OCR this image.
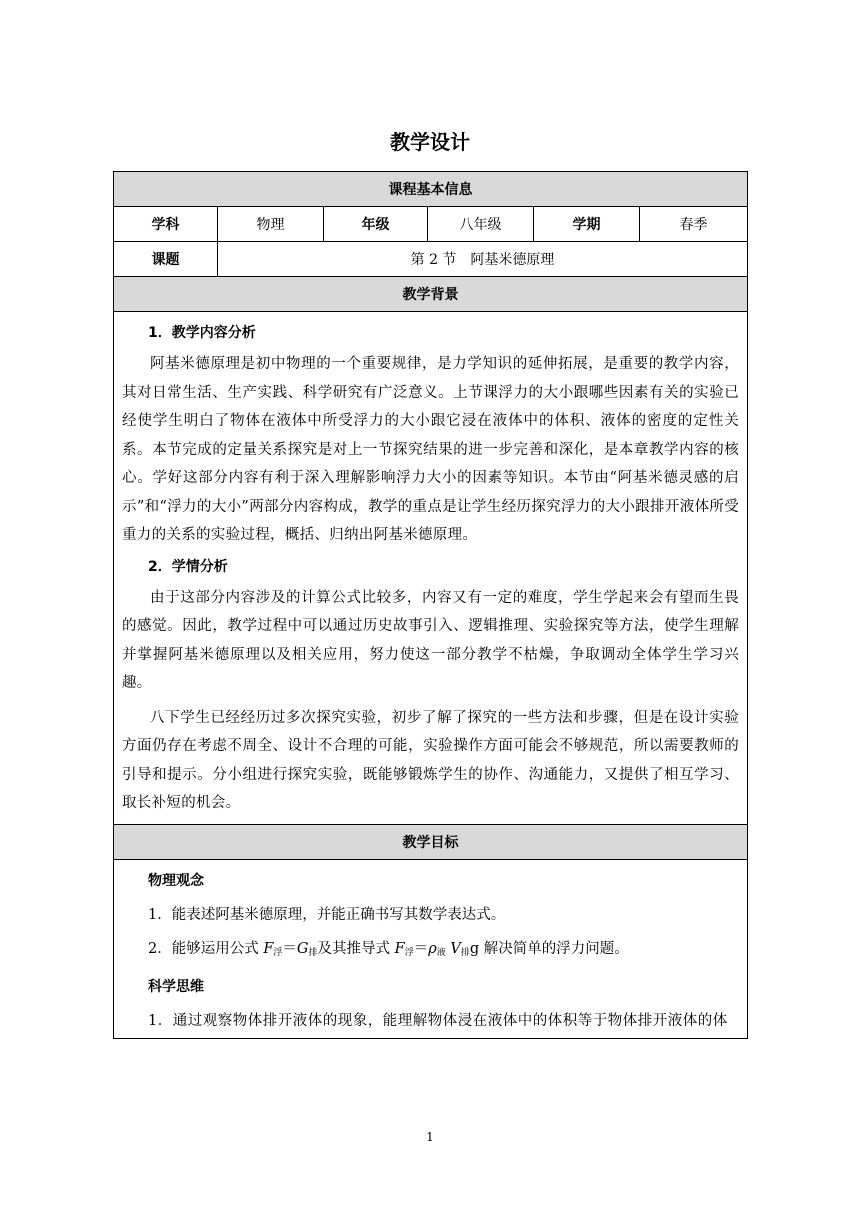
教学设计
课程基本信息					
学科	物理	年级	八年级	学期	春季
课题	第 2 节　阿基米德原理				
教学背景					

1．教学内容分析

阿基米德原理是初中物理的一个重要规律，是力学知识的延伸拓展，是重要的教学内容，其对日常生活、生产实践、科学研究有广泛意义。上节课浮力的大小跟哪些因素有关的实验已经使学生明白了物体在液体中所受浮力的大小跟它浸在液体中的体积、液体的密度的定性关系。本节完成的定量关系探究是对上一节探究结果的进一步完善和深化，是本章教学内容的核心。学好这部分内容有利于深入理解影响浮力大小的因素等知识。本节由“阿基米德灵感的启示”和“浮力的大小”两部分内容构成，教学的重点是让学生经历探究浮力的大小跟排开液体所受重力的关系的实验过程，概括、归纳出阿基米德原理。

2．学情分析

由于这部分内容涉及的计算公式比较多，内容又有一定的难度，学生学起来会有望而生畏的感觉。因此，教学过程中可以通过历史故事引入、逻辑推理、实验探究等方法，使学生理解并掌握阿基米德原理以及相关应用，努力使这一部分教学不枯燥，争取调动全体学生学习兴趣。

八下学生已经经历过多次探究实验，初步了解了探究的一些方法和步骤，但是在设计实验方面仍存在考虑不周全、设计不合理的可能，实验操作方面可能会不够规范，所以需要教师的引导和提示。分小组进行探究实验，既能够锻炼学生的协作、沟通能力，又提供了相互学习、取长补短的机会。					

教学目标					

物理观念

1．能表述阿基米德原理，并能正确书写其数学表达式。

2．能够运用公式 $F_浮=G_排$及其推导式 $F_浮=\rho_液$ $V_排g$ 解决简单的浮力问题。

科学思维

1．通过观察物体排开液体的现象，能理解物体浸在液体中的体积等于物体排开液体的体					

1
